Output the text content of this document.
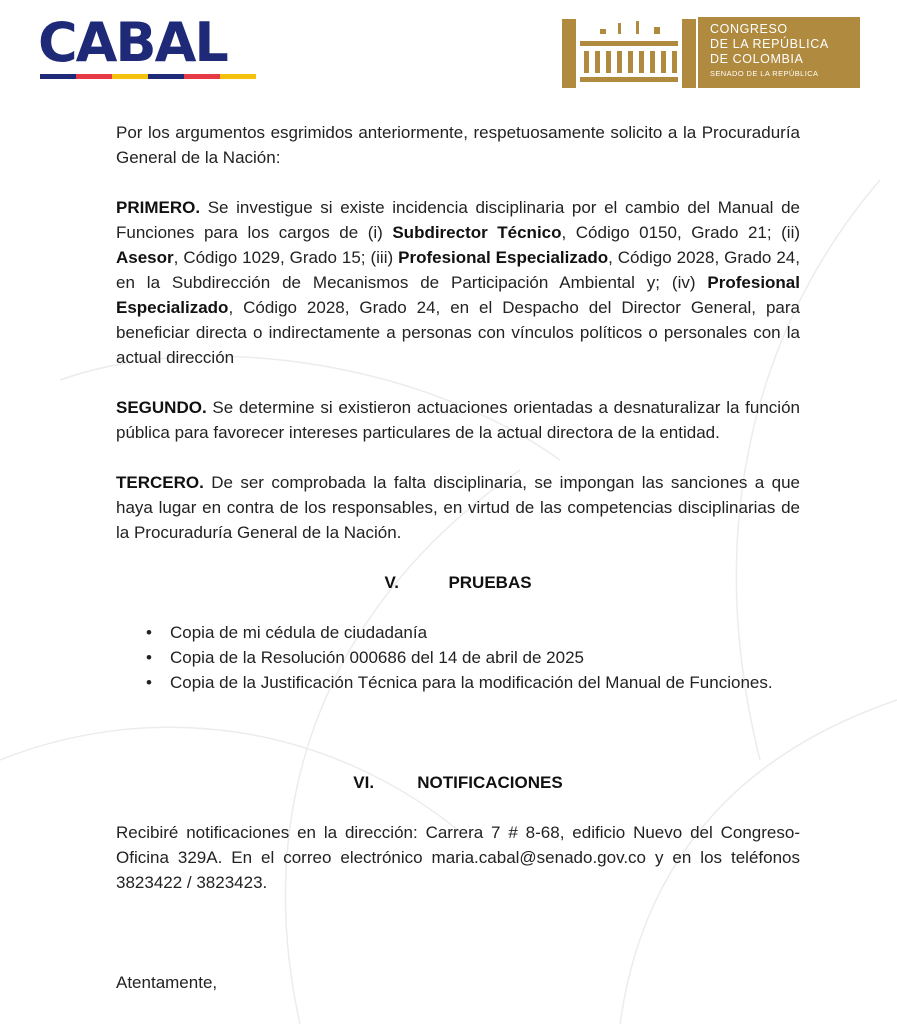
CABAL	CONGRESO
DE LA REPÚBLICA
DE COLOMBIA
SENADO DE LA REPÚBLICA

Por los argumentos esgrimidos anteriormente, respetuosamente solicito a la Procuraduría General de la Nación:

PRIMERO. Se investigue si existe incidencia disciplinaria por el cambio del Manual de Funciones para los cargos de (i) Subdirector Técnico, Código 0150, Grado 21; (ii) Asesor, Código 1029, Grado 15; (iii) Profesional Especializado, Código 2028, Grado 24, en la Subdirección de Mecanismos de Participación Ambiental y; (iv) Profesional Especializado, Código 2028, Grado 24, en el Despacho del Director General, para beneficiar directa o indirectamente a personas con vínculos políticos o personales con la actual dirección

SEGUNDO. Se determine si existieron actuaciones orientadas a desnaturalizar la función pública para favorecer intereses particulares de la actual directora de la entidad.

TERCERO. De ser comprobada la falta disciplinaria, se impongan las sanciones a que haya lugar en contra de los responsables, en virtud de las competencias disciplinarias de la Procuraduría General de la Nación.

V.	PRUEBAS
• Copia de mi cédula de ciudadanía
• Copia de la Resolución 000686 del 14 de abril de 2025
• Copia de la Justificación Técnica para la modificación del Manual de Funciones.
VI.	NOTIFICACIONES

Recibiré notificaciones en la dirección: Carrera 7 # 8-68, edificio Nuevo del Congreso- Oficina 329A. En el correo electrónico maria.cabal@senado.gov.co y en los teléfonos 3823422 / 3823423.

Atentamente,
